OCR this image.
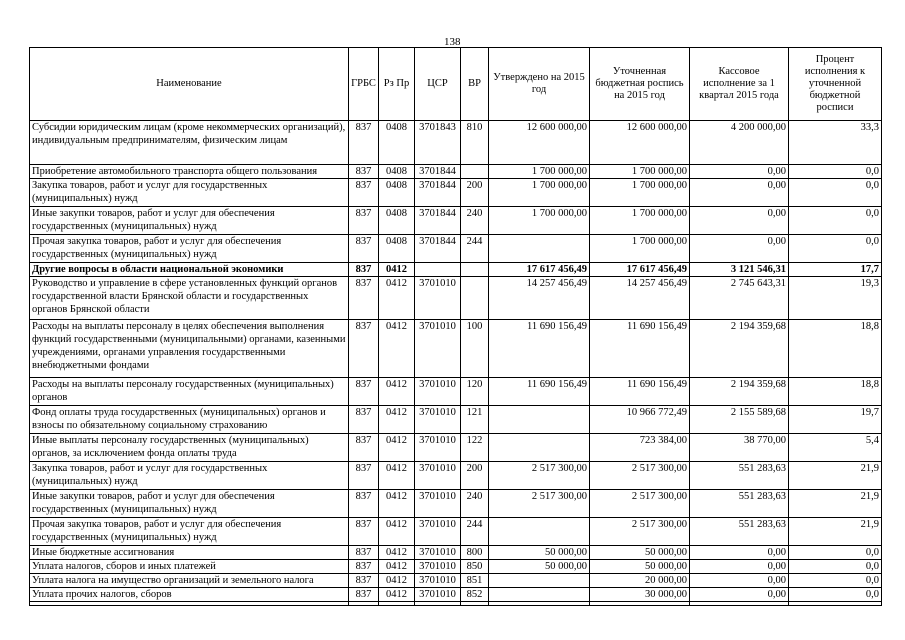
138
Наименование	ГРБС	Рз Пр	ЦСР	ВР	Утверждено на 2015 год	Уточненная бюджетная роспись на 2015 год	Кассовое исполнение за 1 квартал 2015 года	Процент исполнения к уточненной бюджетной росписи
Субсидии юридическим лицам (кроме некоммерческих организаций), индивидуальным предпринимателям, физическим лицам	837	0408	3701843	810	12 600 000,00	12 600 000,00	4 200 000,00	33,3
Приобретение автомобильного транспорта общего пользования	837	0408	3701844		1 700 000,00	1 700 000,00	0,00	0,0
Закупка товаров, работ и услуг для государственных (муниципальных) нужд	837	0408	3701844	200	1 700 000,00	1 700 000,00	0,00	0,0
Иные закупки товаров, работ и услуг для обеспечения государственных (муниципальных) нужд	837	0408	3701844	240	1 700 000,00	1 700 000,00	0,00	0,0
Прочая закупка товаров, работ и услуг для обеспечения государственных (муниципальных) нужд	837	0408	3701844	244		1 700 000,00	0,00	0,0
Другие вопросы в области национальной экономики	837	0412			17 617 456,49	17 617 456,49	3 121 546,31	17,7
Руководство и управление в сфере установленных функций органов государственной власти Брянской области и государственных органов Брянской области	837	0412	3701010		14 257 456,49	14 257 456,49	2 745 643,31	19,3
Расходы на выплаты персоналу в целях обеспечения выполнения функций государственными (муниципальными) органами, казенными учреждениями, органами управления государственными внебюджетными фондами	837	0412	3701010	100	11 690 156,49	11 690 156,49	2 194 359,68	18,8
Расходы на выплаты персоналу государственных (муниципальных) органов	837	0412	3701010	120	11 690 156,49	11 690 156,49	2 194 359,68	18,8
Фонд оплаты труда государственных (муниципальных) органов и взносы по обязательному социальному страхованию	837	0412	3701010	121		10 966 772,49	2 155 589,68	19,7
Иные выплаты персоналу государственных (муниципальных) органов, за исключением фонда оплаты труда	837	0412	3701010	122		723 384,00	38 770,00	5,4
Закупка товаров, работ и услуг для государственных (муниципальных) нужд	837	0412	3701010	200	2 517 300,00	2 517 300,00	551 283,63	21,9
Иные закупки товаров, работ и услуг для обеспечения государственных (муниципальных) нужд	837	0412	3701010	240	2 517 300,00	2 517 300,00	551 283,63	21,9
Прочая закупка товаров, работ и услуг для обеспечения государственных (муниципальных) нужд	837	0412	3701010	244		2 517 300,00	551 283,63	21,9
Иные бюджетные ассигнования	837	0412	3701010	800	50 000,00	50 000,00	0,00	0,0
Уплата налогов, сборов и иных платежей	837	0412	3701010	850	50 000,00	50 000,00	0,00	0,0
Уплата налога на имущество организаций и земельного налога	837	0412	3701010	851		20 000,00	0,00	0,0
Уплата прочих налогов, сборов	837	0412	3701010	852		30 000,00	0,00	0,0
